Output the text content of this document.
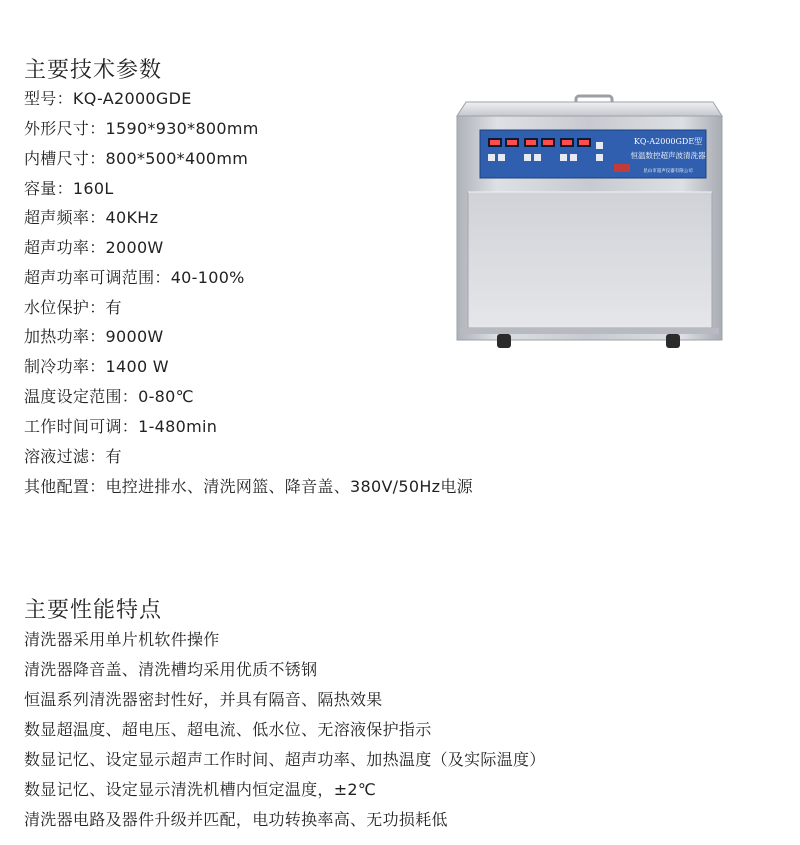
主要技术参数
型号：KQ-A2000GDE
外形尺寸：1590*930*800mm
内槽尺寸：800*500*400mm
容量：160L
超声频率：40KHz
超声功率：2000W
超声功率可调范围：40-100%
水位保护：有
加热功率：9000W
制冷功率：1400 W
温度设定范围：0-80℃
工作时间可调：1-480min
溶液过滤：有
其他配置：电控进排水、清洗网篮、降音盖、380V/50Hz电源
KQ-A2000GDE型
恒温数控超声波清洗器
昆山市超声仪器有限公司
主要性能特点
清洗器采用单片机软件操作
清洗器降音盖、清洗槽均采用优质不锈钢
恒温系列清洗器密封性好，并具有隔音、隔热效果
数显超温度、超电压、超电流、低水位、无溶液保护指示
数显记忆、设定显示超声工作时间、超声功率、加热温度（及实际温度）
数显记忆、设定显示清洗机槽内恒定温度，±2℃
清洗器电路及器件升级并匹配，电功转换率高、无功损耗低
